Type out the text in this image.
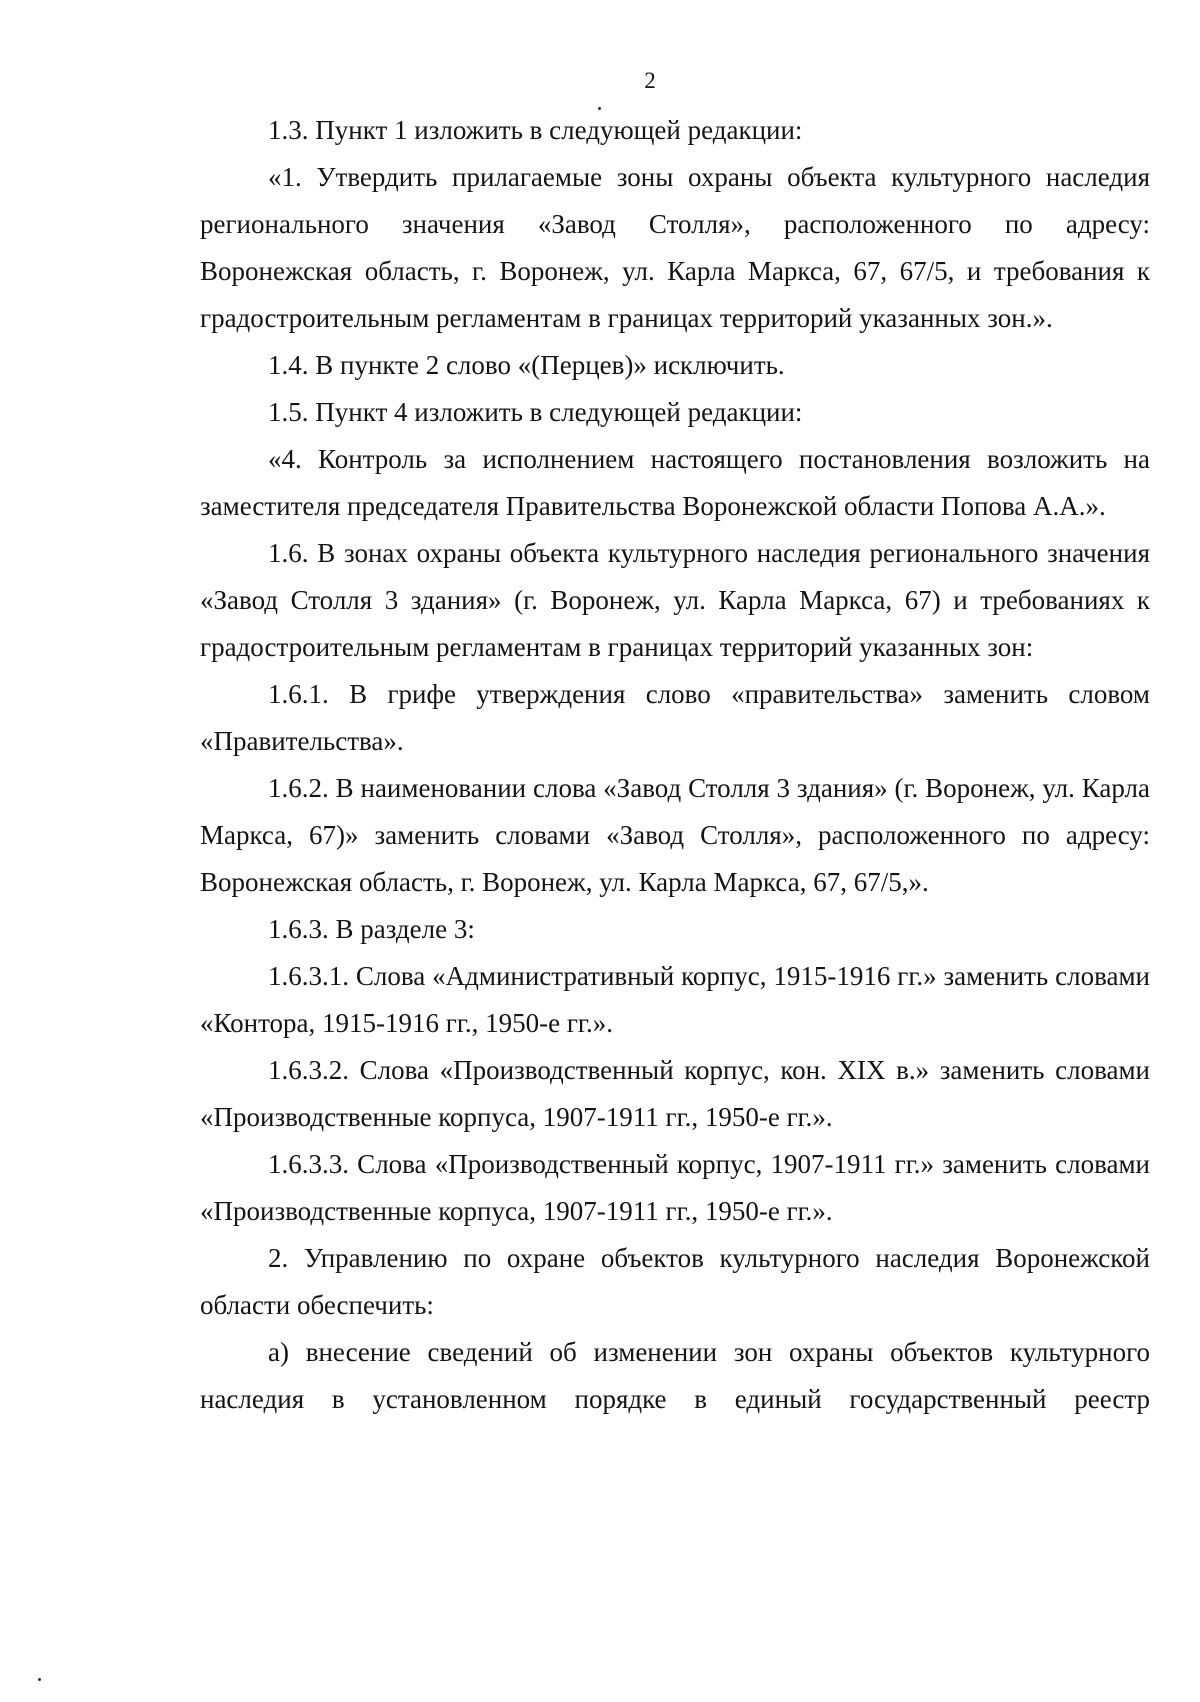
2

1.3. Пункт 1 изложить в следующей редакции:

«1. Утвердить прилагаемые зоны охраны объекта культурного наследия регионального значения «Завод Столля», расположенного по адресу: Воронежская область, г. Воронеж, ул. Карла Маркса, 67, 67/5, и требования к градостроительным регламентам в границах территорий указанных зон.».

1.4. В пункте 2 слово «(Перцев)» исключить.

1.5. Пункт 4 изложить в следующей редакции:

«4. Контроль за исполнением настоящего постановления возложить на заместителя председателя Правительства Воронежской области Попова А.А.».

1.6. В зонах охраны объекта культурного наследия регионального значения «Завод Столля 3 здания» (г. Воронеж, ул. Карла Маркса, 67) и требованиях к градостроительным регламентам в границах территорий указанных зон:

1.6.1. В грифе утверждения слово «правительства» заменить словом «Правительства».

1.6.2. В наименовании слова «Завод Столля 3 здания» (г. Воронеж, ул. Карла Маркса, 67)» заменить словами «Завод Столля», расположенного по адресу: Воронежская область, г. Воронеж, ул. Карла Маркса, 67, 67/5,».

1.6.3. В разделе 3:

1.6.3.1. Слова «Административный корпус, 1915-1916 гг.» заменить словами «Контора, 1915-1916 гг., 1950-е гг.».

1.6.3.2. Слова «Производственный корпус, кон. XIX в.» заменить словами «Производственные корпуса, 1907-1911 гг., 1950-е гг.».

1.6.3.3. Слова «Производственный корпус, 1907-1911 гг.» заменить словами «Производственные корпуса, 1907-1911 гг., 1950-е гг.».

2. Управлению по охране объектов культурного наследия Воронежской области обеспечить:

а) внесение сведений об изменении зон охраны объектов культурного наследия в установленном порядке в единый государственный реестр
